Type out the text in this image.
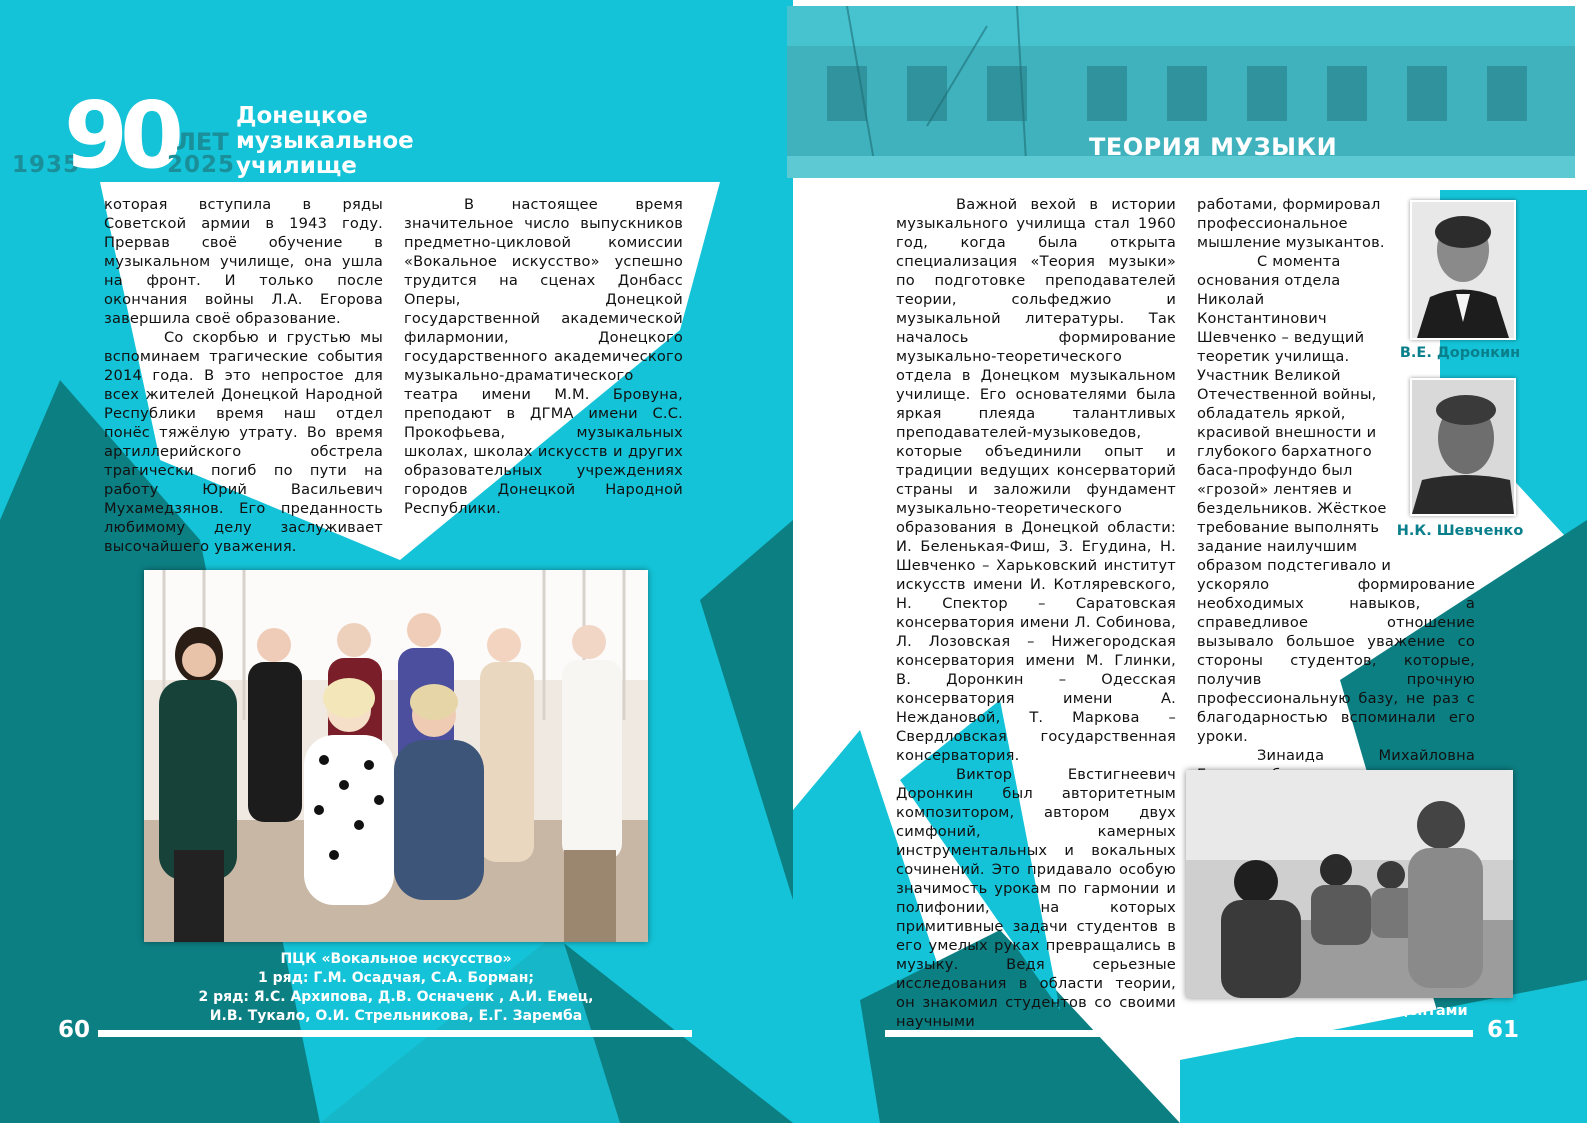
1935
90 ЛЕТ
2025
Донецкое музыкальное училище

которая вступила в ряды Советской армии в 1943 году. Прервав своё обучение в музыкальном училище, она ушла на фронт. И только после окончания войны Л.А. Егорова завершила своё образование.

Со скорбью и грустью мы вспоминаем трагические события 2014 года. В это непростое для всех жителей Донецкой Народной Республики время наш отдел понёс тяжёлую утрату. Во время артиллерийского обстрела трагически погиб по пути на работу Юрий Васильевич Мухамедзянов. Его преданность любимому делу заслуживает высочайшего уважения.

В настоящее время значительное число выпускников предметно-цикловой комиссии «Вокальное искусство» успешно трудится на сценах Донбасс Оперы, Донецкой государственной академической филармонии, Донецкого государственного академического музыкально-драматического театра имени М.М. Бровуна, преподают в ДГМА имени С.С. Прокофьева, музыкальных школах, школах искусств и других образовательных учреждениях городов Донецкой Народной Республики.

ПЦК «Вокальное искусство»
1 ряд: Г.М. Осадчая, С.А. Борман;
2 ряд: Я.С. Архипова, Д.В. Осначенк , А.И. Емец,
И.В. Тукало, О.И. Стрельникова, Е.Г. Заремба
60
ТЕОРИЯ МУЗЫКИ

Важной вехой в истории музыкального училища стал 1960 год, когда была открыта специализация «Теория музыки» по подготовке преподавателей теории, сольфеджио и музыкальной литературы. Так началось формирование музыкально-теоретического отдела в Донецком музыкальном училище. Его основателями была яркая плеяда талантливых преподавателей-музыковедов, которые объединили опыт и традиции ведущих консерваторий страны и заложили фундамент музыкально-теоретического образования в Донецкой области: И. Беленькая-Фиш, З. Егудина, Н. Шевченко – Харьковский институт искусств имени И. Котляревского, Н. Спектор – Саратовская консерватория имени Л. Собинова, Л. Лозовская – Нижегородская консерватория имени М. Глинки, В. Доронкин – Одесская консерватория имени А. Неждановой, Т. Маркова – Свердловская государственная консерватория.

Виктор Евстигнеевич Доронкин был авторитетным композитором, автором двух симфоний, камерных инструментальных и вокальных сочинений. Это придавало особую значимость урокам по гармонии и полифонии, на которых примитивные задачи студентов в его умелых руках превращались в музыку. Ведя серьезные исследования в области теории, он знакомил студентов со своими научными

работами, формировал профессиональное мышление музыкантов.

С момента основания отдела Николай Константинович Шевченко – ведущий теоретик училища. Участник Великой Отечественной войны, обладатель яркой, красивой внешности и глубокого бархатного баса-профундо был «грозой» лентяев и бездельников. Жёсткое требование выполнять задание наилучшим образом подстегивало и

ускоряло формирование необходимых навыков, а справедливое отношение вызывало большое уважение со стороны студентов, которые, получив прочную профессиональную базу, не раз с благодарностью вспоминали его уроки.

Зинаида Михайловна

В.Е. Доронкин
Н.К. Шевченко
З.М. Егудина со студентами
61
